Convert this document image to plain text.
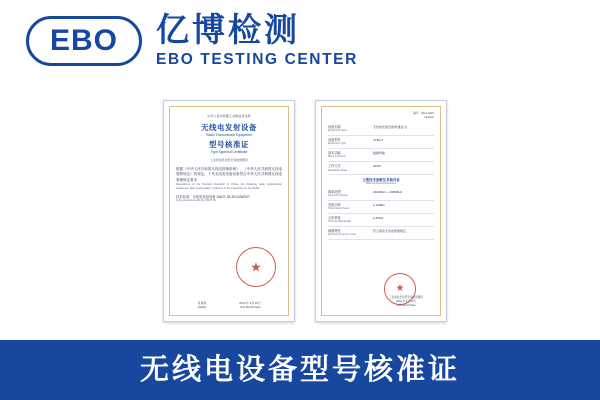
EBO 亿博检测
EBO TESTING CENTER
中华人民共和国工业和信息化部
无线电发射设备
Radio Transmission Equipment
型号核准证
Type Approval Certificate
工业和信息化部无线电管理局
根据《中华人民共和国无线电管理条例》、《中华人民共和国无线电管制规定》的规定，下列无线电发射设备符合中华人民共和国无线电管理规定要求：
Regulations of the People's Republic of China, the following radio transmission equipment, after examination, conforms to the provisions on the Radio
技术标准：无线电发射设备 JWGT 28-2013JWG07
In the provisions with the CMIIT ID:
★
有效期
Validity
2013 年 6月 20日
Year Month Date
编号：2013-0207
Number
设备名称
Equipment Name
无线电发射设备/核准证书
设备型号
Equipment Type
XTBL-T
基本功能
Basic Functions
数据传输
工作方式
Modulation Mode
GFSK
主要技术参数及其他内容
Main Technical Parameters
频率范围
Frequency Range
2402MHz ~ 2480MHz
发射功率
Transmitting Power
≤ 10dBm
占用带宽
Occupied Bandwidth
≤ 2MHz
频谱特性
Spurious Emission Limits
符合国家无线电管理规定
★
工业和信息化部无线电管理局
2013 年 6月 20日
Year Month Date
无线电设备型号核准证
